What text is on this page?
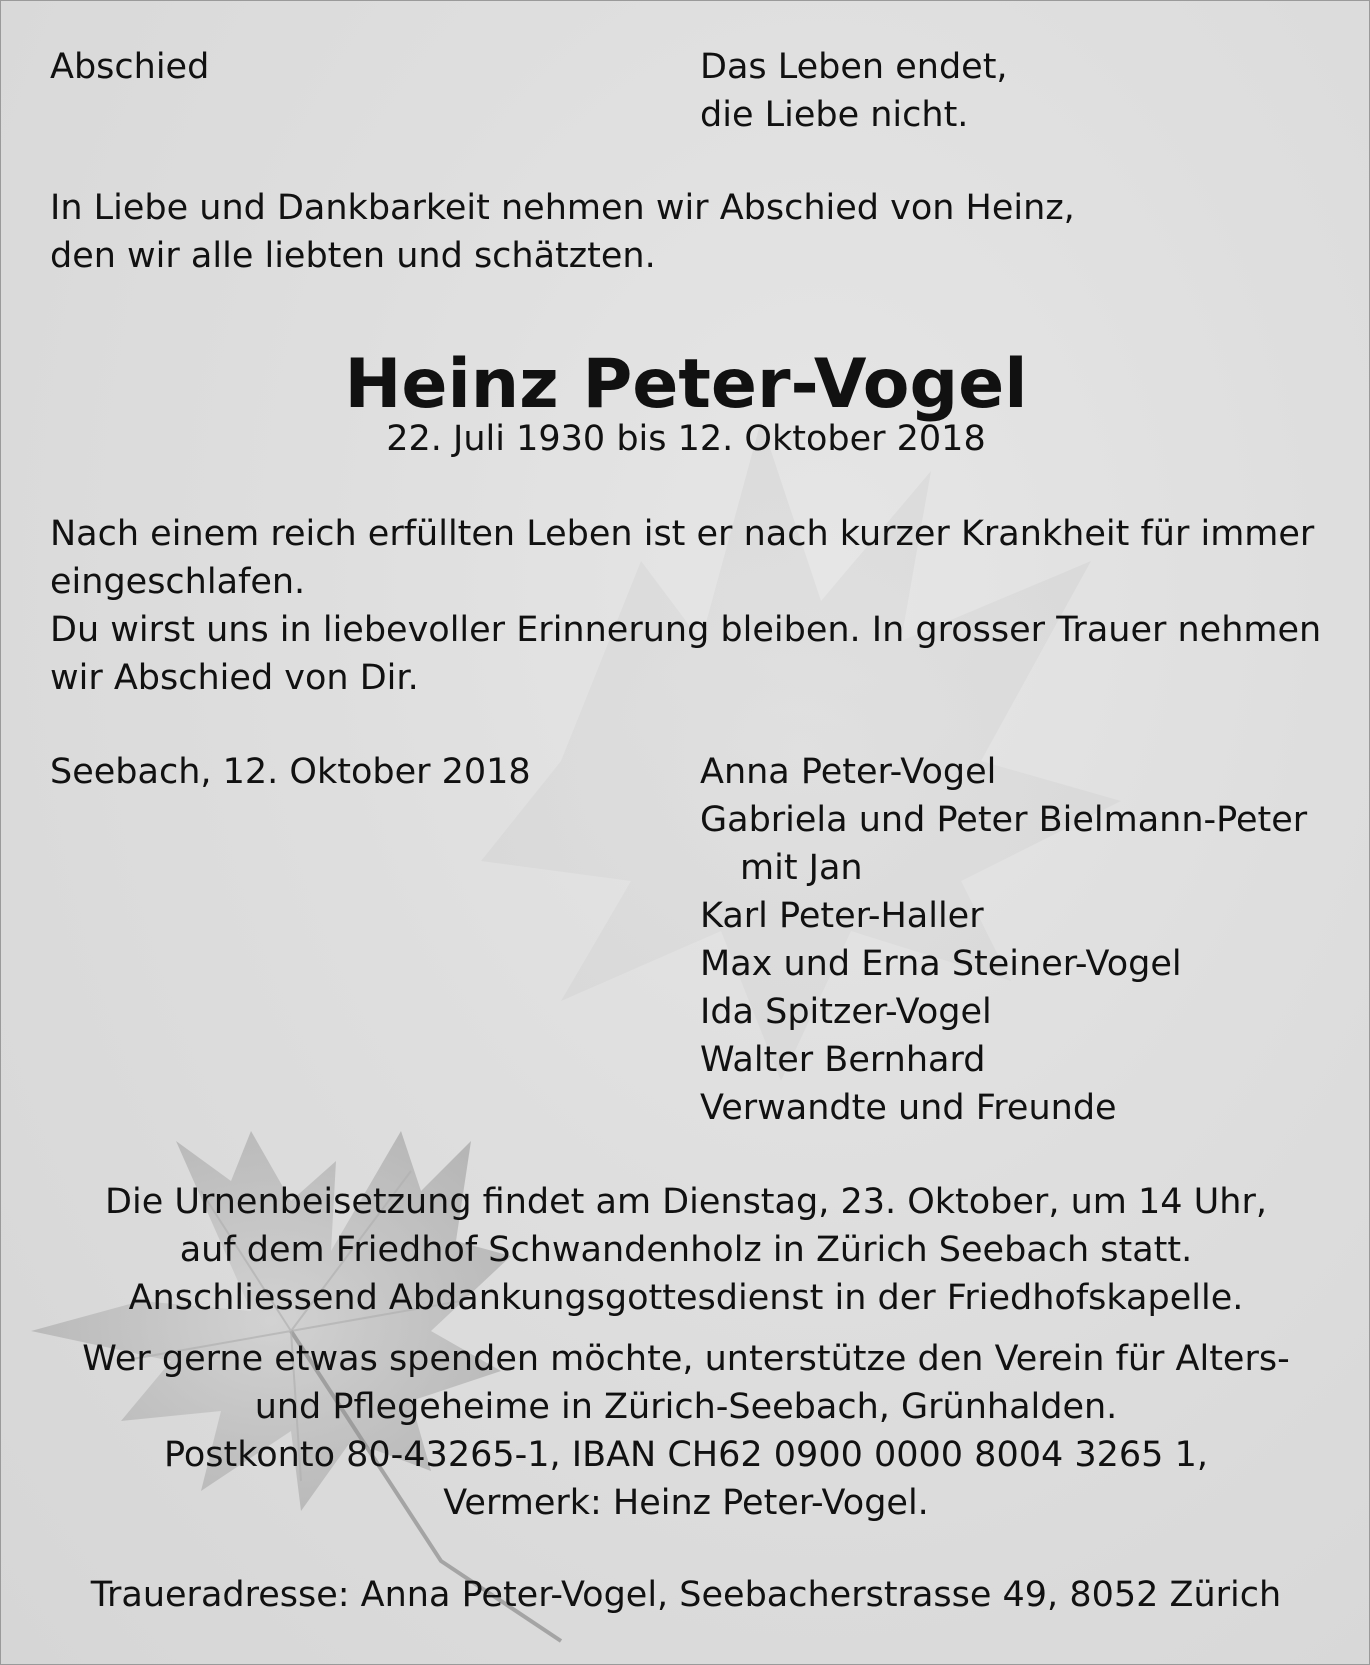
Abschied	Das Leben endet,
die Liebe nicht.
In Liebe und Dankbarkeit nehmen wir Abschied von Heinz,
den wir alle liebten und schätzten.
Heinz Peter-Vogel
22. Juli 1930 bis 12. Oktober 2018
Nach einem reich erfüllten Leben ist er nach kurzer Krankheit für immer
eingeschlafen.
Du wirst uns in liebevoller Erinnerung bleiben. In grosser Trauer nehmen
wir Abschied von Dir.
Seebach, 12. Oktober 2018	Anna Peter-Vogel
Gabriela und Peter Bielmann-Peter
mit Jan
Karl Peter-Haller
Max und Erna Steiner-Vogel
Ida Spitzer-Vogel
Walter Bernhard
Verwandte und Freunde
Die Urnenbeisetzung findet am Dienstag, 23. Oktober, um 14 Uhr,
auf dem Friedhof Schwandenholz in Zürich Seebach statt.
Anschliessend Abdankungsgottesdienst in der Friedhofskapelle.
Wer gerne etwas spenden möchte, unterstütze den Verein für Alters-
und Pflegeheime in Zürich-Seebach, Grünhalden.
Postkonto 80-43265-1, IBAN CH62 0900 0000 8004 3265 1,
Vermerk: Heinz Peter-Vogel.
Traueradresse: Anna Peter-Vogel, Seebacherstrasse 49, 8052 Zürich
